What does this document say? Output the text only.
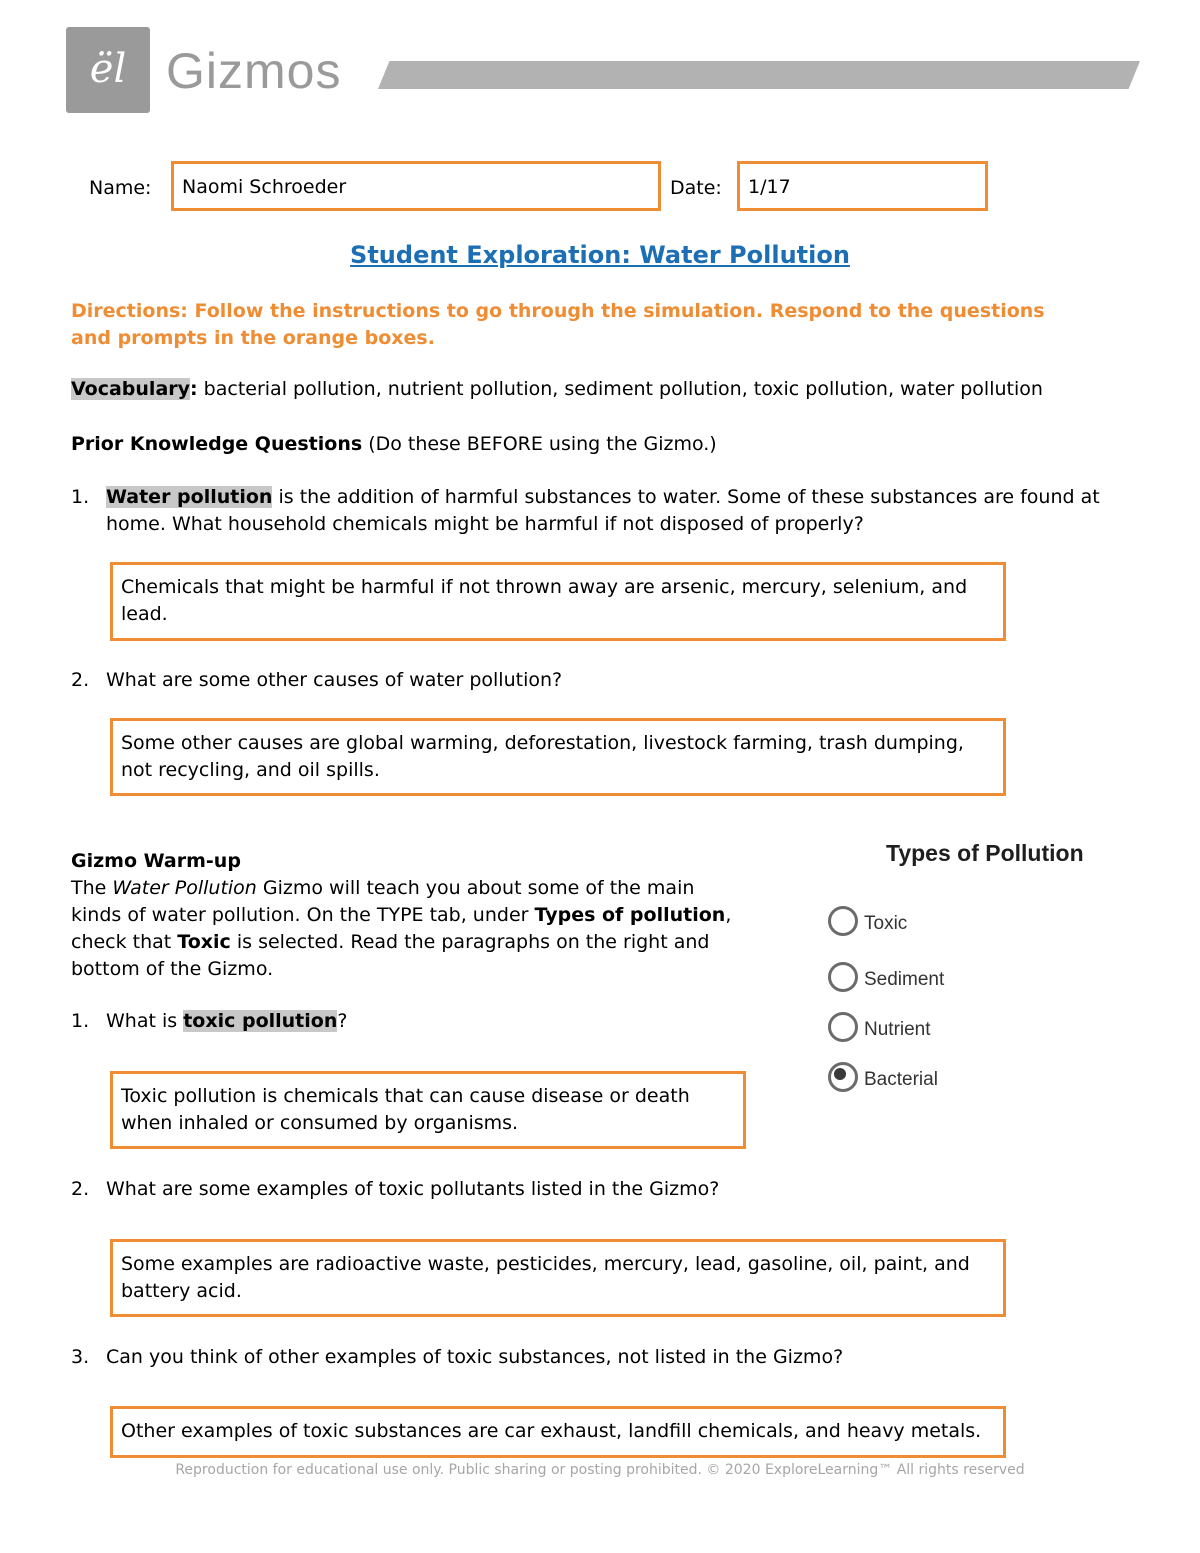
ël Gizmos
Name:	Naomi Schroeder	Date:	1/17
Student Exploration: Water Pollution
Directions: Follow the instructions to go through the simulation. Respond to the questions and prompts in the orange boxes.
Vocabulary: bacterial pollution, nutrient pollution, sediment pollution, toxic pollution, water pollution
Prior Knowledge Questions (Do these BEFORE using the Gizmo.)
1. Water pollution is the addition of harmful substances to water. Some of these substances are found at
home. What household chemicals might be harmful if not disposed of properly?
Chemicals that might be harmful if not thrown away are arsenic, mercury, selenium, and lead.
2. What are some other causes of water pollution?
Some other causes are global warming, deforestation, livestock farming, trash dumping, not recycling, and oil spills.
Gizmo Warm-up
The Water Pollution Gizmo will teach you about some of the main
kinds of water pollution. On the TYPE tab, under Types of pollution,
check that Toxic is selected. Read the paragraphs on the right and
bottom of the Gizmo.
1. What is toxic pollution?
Toxic pollution is chemicals that can cause disease or death when inhaled or consumed by organisms.
2. What are some examples of toxic pollutants listed in the Gizmo?
Some examples are radioactive waste, pesticides, mercury, lead, gasoline, oil, paint, and battery acid.
3. Can you think of other examples of toxic substances, not listed in the Gizmo?
Other examples of toxic substances are car exhaust, landfill chemicals, and heavy metals.
Types of Pollution
Toxic
Sediment
Nutrient
Bacterial
Reproduction for educational use only. Public sharing or posting prohibited. © 2020 ExploreLearning™ All rights reserved
